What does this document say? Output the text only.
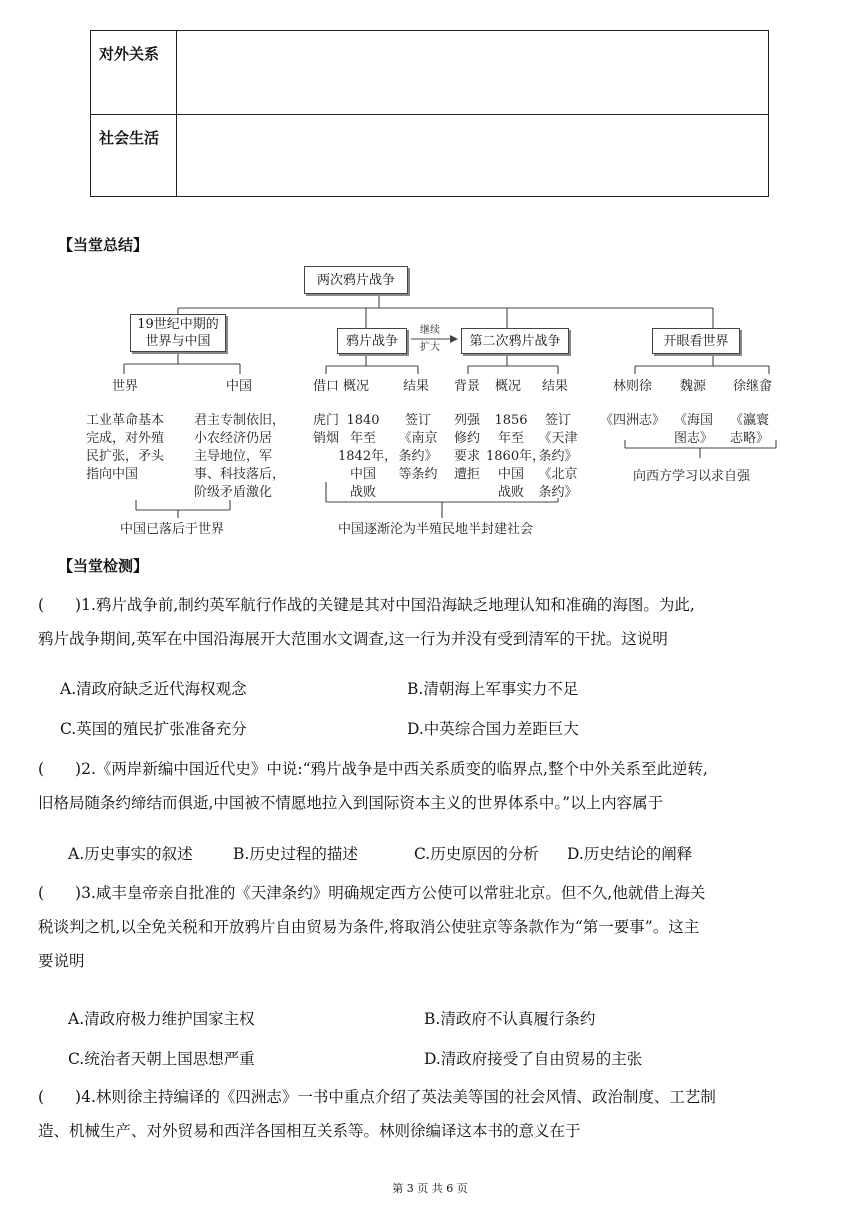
对外关系
社会生活
【当堂总结】
两次鸦片战争
19世纪中期的
世界与中国	鸦片战争
继续
扩大	第二次鸦片战争	开眼看世界
世界	中国
工业革命基本
完成，对外殖
民扩张，矛头
指向中国
君主专制依旧，
小农经济仍居
主导地位，军
事、科技落后，
阶级矛盾激化
借口 概况	结果
虎门
销烟
1840
年至
1842年，
中国
战败
签订
《南京
条约》
等条约
背景 概况 结果
列强
修约
要求
遭拒
1856
年至
1860年，
中国
战败
签订
《天津
条约》
《北京
条约》
林则徐 魏源 徐继畲
《四洲志》 《海国
图志》
《瀛寰
志略》
向西方学习以求自强
中国已落后于世界	中国逐渐沦为半殖民地半封建社会
【当堂检测】
(　　)1.鸦片战争前,制约英军航行作战的关键是其对中国沿海缺乏地理认知和准确的海图。为此,
鸦片战争期间,英军在中国沿海展开大范围水文调查,这一行为并没有受到清军的干扰。这说明
A.清政府缺乏近代海权观念	B.清朝海上军事实力不足
C.英国的殖民扩张准备充分	D.中英综合国力差距巨大
(　　)2.《两岸新编中国近代史》中说:“鸦片战争是中西关系质变的临界点,整个中外关系至此逆转,
旧格局随条约缔结而俱逝,中国被不情愿地拉入到国际资本主义的世界体系中。”以上内容属于
A.历史事实的叙述	B.历史过程的描述	C.历史原因的分析 D.历史结论的阐释
(　　)3.咸丰皇帝亲自批准的《天津条约》明确规定西方公使可以常驻北京。但不久,他就借上海关
税谈判之机,以全免关税和开放鸦片自由贸易为条件,将取消公使驻京等条款作为“第一要事”。这主
要说明
A.清政府极力维护国家主权	B.清政府不认真履行条约
C.统治者天朝上国思想严重	D.清政府接受了自由贸易的主张
(　　)4.林则徐主持编译的《四洲志》一书中重点介绍了英法美等国的社会风情、政治制度、工艺制
造、机械生产、对外贸易和西洋各国相互关系等。林则徐编译这本书的意义在于
第 3 页 共 6 页
